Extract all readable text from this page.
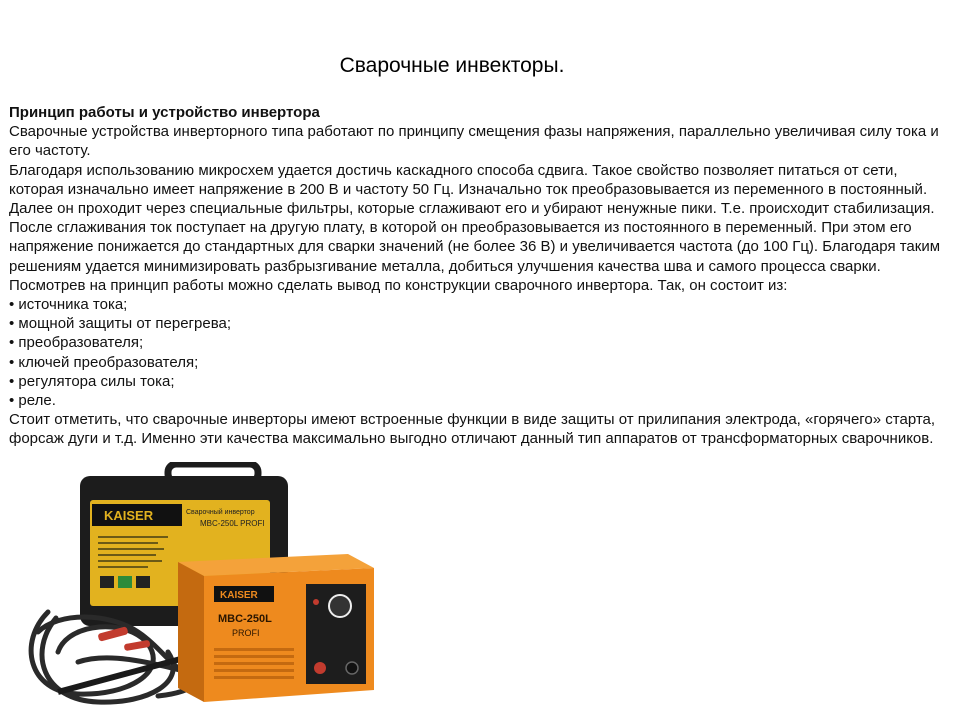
Сварочные инвекторы.
KAISER	Сварочный инвертор
MBC-250L PROFI
KAISER
MBC-250L
PROFI

Принцип работы и устройство инвертора

Сварочные устройства инверторного типа работают по принципу смещения фазы напряжения, параллельно увеличивая силу тока и его частоту.

Благодаря использованию микросхем удается достичь каскадного способа сдвига. Такое свойство позволяет питаться от сети, которая изначально имеет напряжение в 200 В и частоту 50 Гц. Изначально ток преобразовывается из переменного в постоянный. Далее он проходит через специальные фильтры, которые сглаживают его и убирают ненужные пики. Т.е. происходит стабилизация. После сглаживания ток поступает на другую плату, в которой он преобразовывается из постоянного в переменный. При этом его напряжение понижается до стандартных для сварки значений (не более 36 В) и увеличивается частота (до 100 Гц). Благодаря таким решениям удается минимизировать разбрызгивание металла, добиться улучшения качества шва и самого процесса сварки.

Посмотрев на принцип работы можно сделать вывод по конструкции сварочного инвертора. Так, он состоит из:

• источника тока;
• мощной защиты от перегрева;
• преобразователя;
• ключей преобразователя;
• регулятора силы тока;
• реле.

Стоит отметить, что сварочные инверторы имеют встроенные функции в виде защиты от прилипания электрода, «горячего» старта, форсаж дуги и т.д. Именно эти качества максимально выгодно отличают данный тип аппаратов от трансформаторных сварочников.
